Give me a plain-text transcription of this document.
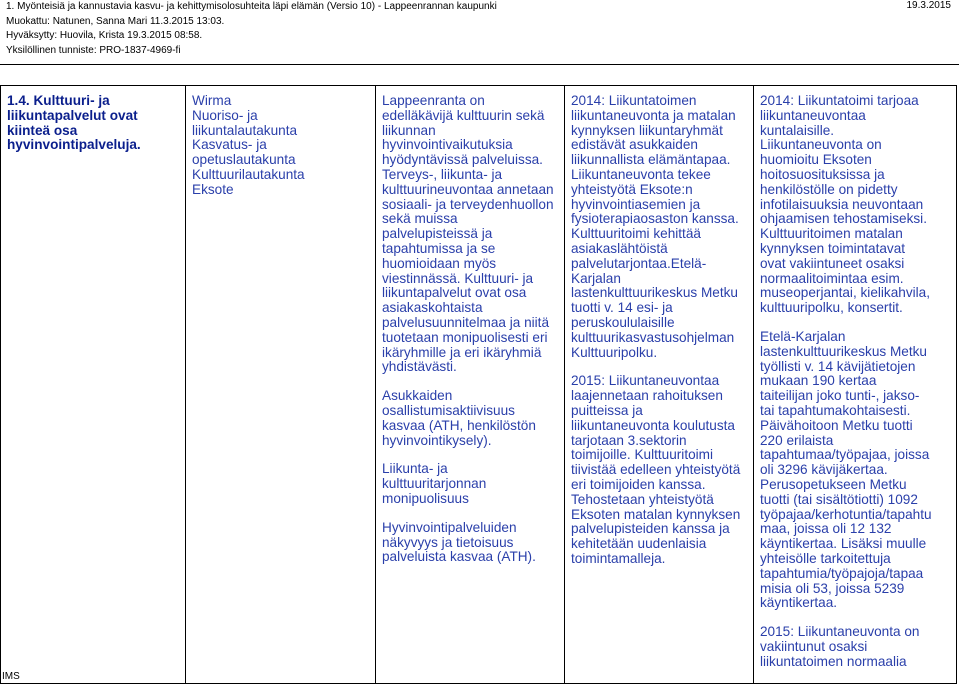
1. Myönteisiä ja kannustavia kasvu- ja kehittymisolosuhteita läpi elämän (Versio 10) - Lappeenrannan kaupunki
Muokattu: Natunen, Sanna Mari 11.3.2015 13:03.
Hyväksytty: Huovila, Krista 19.3.2015 08:58.
Yksilöllinen tunniste: PRO-1837-4969-fi
19.3.2015
1.4. Kulttuuri- ja
liikuntapalvelut ovat
kiinteä osa
hyvinvointipalveluja.

Wirma
Nuoriso- ja
liikuntalautakunta
Kasvatus- ja
opetuslautakunta
Kulttuurilautakunta
Eksote

Lappeenranta on
edelläkävijä kulttuurin sekä
liikunnan
hyvinvointivaikutuksia
hyödyntävissä palveluissa.
Terveys-, liikunta- ja
kulttuurineuvontaa annetaan
sosiaali- ja terveydenhuollon
sekä muissa
palvelupisteissä ja
tapahtumissa ja se
huomioidaan myös
viestinnässä. Kulttuuri- ja
liikuntapalvelut ovat osa
asiakaskohtaista
palvelusuunnitelmaa ja niitä
tuotetaan monipuolisesti eri
ikäryhmille ja eri ikäryhmiä
yhdistävästi.
Asukkaiden
osallistumisaktiivisuus
kasvaa (ATH, henkilöstön
hyvinvointikysely).
Liikunta- ja
kulttuuritarjonnan
monipuolisuus
Hyvinvointipalveluiden
näkyvyys ja tietoisuus
palveluista kasvaa (ATH).

2014: Liikuntatoimen
liikuntaneuvonta ja matalan
kynnyksen liikuntaryhmät
edistävät asukkaiden
liikunnallista elämäntapaa.
Liikuntaneuvonta tekee
yhteistyötä Eksote:n
hyvinvointiasemien ja
fysioterapiaosaston kanssa.
Kulttuuritoimi kehittää
asiakaslähtöistä
palvelutarjontaa.Etelä-
Karjalan
lastenkulttuurikeskus Metku
tuotti v. 14 esi- ja
peruskoululaisille
kulttuurikasvastusohjelman
Kulttuuripolku.
2015: Liikuntaneuvontaa
laajennetaan rahoituksen
puitteissa ja
liikuntaneuvonta koulutusta
tarjotaan 3.sektorin
toimijoille. Kulttuuritoimi
tiivistää edelleen yhteistyötä
eri toimijoiden kanssa.
Tehostetaan yhteistyötä
Eksoten matalan kynnyksen
palvelupisteiden kanssa ja
kehitetään uudenlaisia
toimintamalleja.

2014: Liikuntatoimi tarjoaa
liikuntaneuvontaa
kuntalaisille.
Liikuntaneuvonta on
huomioitu Eksoten
hoitosuosituksissa ja
henkilöstölle on pidetty
infotilaisuuksia neuvontaan
ohjaamisen tehostamiseksi.
Kulttuuritoimen matalan
kynnyksen toimintatavat
ovat vakiintuneet osaksi
normaalitoimintaa esim.
museoperjantai, kielikahvila,
kulttuuripolku, konsertit.
Etelä-Karjalan
lastenkulttuurikeskus Metku
työllisti v. 14 kävijätietojen
mukaan 190 kertaa
taiteilijan joko tunti-, jakso-
tai tapahtumakohtaisesti.
Päivähoitoon Metku tuotti
220 erilaista
tapahtumaa/työpajaa, joissa
oli 3296 kävijäkertaa.
Perusopetukseen Metku
tuotti (tai sisältötiotti) 1092
työpajaa/kerhotuntia/tapahtu
maa, joissa oli 12 132
käyntikertaa. Lisäksi muulle
yhteisölle tarkoitettuja
tapahtumia/työpajoja/tapaa
misia oli 53, joissa 5239
käyntikertaa.
2015: Liikuntaneuvonta on
vakiintunut osaksi
liikuntatoimen normaalia
IMS
